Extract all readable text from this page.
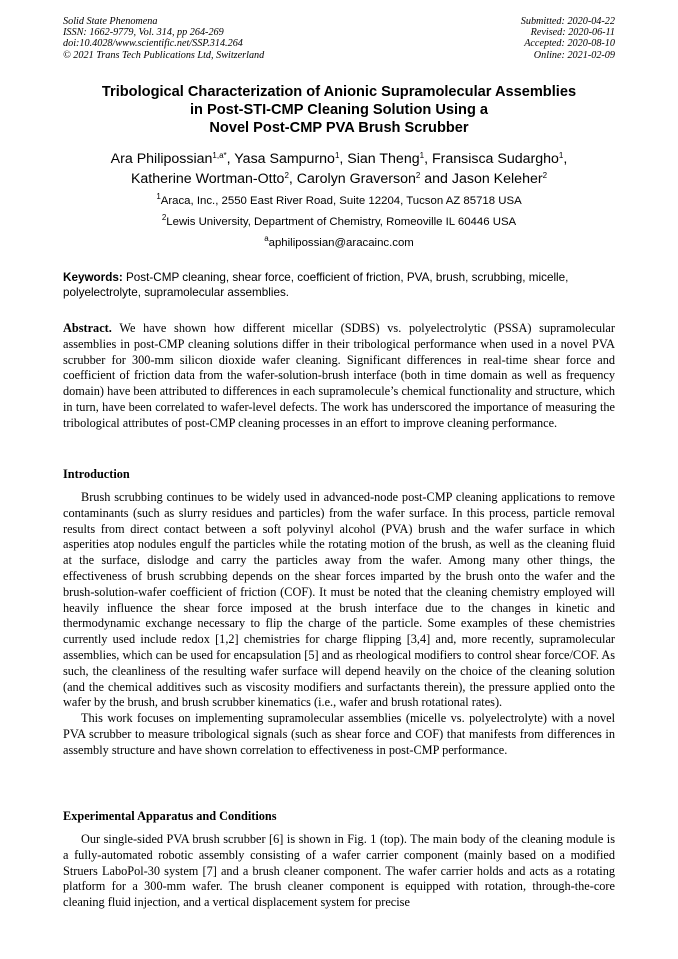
Solid State Phenomena
ISSN: 1662-9779, Vol. 314, pp 264-269
doi:10.4028/www.scientific.net/SSP.314.264
© 2021 Trans Tech Publications Ltd, Switzerland
Submitted: 2020-04-22
Revised: 2020-06-11
Accepted: 2020-08-10
Online: 2021-02-09
Tribological Characterization of Anionic Supramolecular Assemblies
in Post-STI-CMP Cleaning Solution Using a
Novel Post-CMP PVA Brush Scrubber
Ara Philipossian$^{1,a*}$, Yasa Sampurno$^1$, Sian Theng$^1$, Fransisca Sudargho$^1$,
Katherine Wortman-Otto$^2$, Carolyn Graverson$^2$ and Jason Keleher$^2$
$^1$Araca, Inc., 2550 East River Road, Suite 12204, Tucson AZ 85718 USA
$^2$Lewis University, Department of Chemistry, Romeoville IL 60446 USA
$^a$aphilipossian@aracainc.com
Keywords: Post-CMP cleaning, shear force, coefficient of friction, PVA, brush, scrubbing, micelle, polyelectrolyte, supramolecular assemblies.
Abstract. We have shown how different micellar (SDBS) vs. polyelectrolytic (PSSA) supramolecular assemblies in post-CMP cleaning solutions differ in their tribological performance when used in a novel PVA scrubber for 300-mm silicon dioxide wafer cleaning. Significant differences in real-time shear force and coefficient of friction data from the wafer-solution-brush interface (both in time domain as well as frequency domain) have been attributed to differences in each supramolecule’s chemical functionality and structure, which in turn, have been correlated to wafer-level defects. The work has underscored the importance of measuring the tribological attributes of post-CMP cleaning processes in an effort to improve cleaning performance.
Introduction

Brush scrubbing continues to be widely used in advanced-node post-CMP cleaning applications to remove contaminants (such as slurry residues and particles) from the wafer surface. In this process, particle removal results from direct contact between a soft polyvinyl alcohol (PVA) brush and the wafer surface in which asperities atop nodules engulf the particles while the rotating motion of the brush, as well as the cleaning fluid at the surface, dislodge and carry the particles away from the wafer. Among many other things, the effectiveness of brush scrubbing depends on the shear forces imparted by the brush onto the wafer and the brush-solution-wafer coefficient of friction (COF). It must be noted that the cleaning chemistry employed will heavily influence the shear force imposed at the brush interface due to the changes in kinetic and thermodynamic exchange necessary to flip the charge of the particle. Some examples of these chemistries currently used include redox [1,2] chemistries for charge flipping [3,4] and, more recently, supramolecular assemblies, which can be used for encapsulation [5] and as rheological modifiers to control shear force/COF. As such, the cleanliness of the resulting wafer surface will depend heavily on the choice of the cleaning solution (and the chemical additives such as viscosity modifiers and surfactants therein), the pressure applied onto the wafer by the brush, and brush scrubber kinematics (i.e., wafer and brush rotational rates).

This work focuses on implementing supramolecular assemblies (micelle vs. polyelectrolyte) with a novel PVA scrubber to measure tribological signals (such as shear force and COF) that manifests from differences in assembly structure and have shown correlation to effectiveness in post-CMP performance.

Experimental Apparatus and Conditions

Our single-sided PVA brush scrubber [6] is shown in Fig. 1 (top). The main body of the cleaning module is a fully-automated robotic assembly consisting of a wafer carrier component (mainly based on a modified Struers LaboPol-30 system [7] and a brush cleaner component. The wafer carrier holds and acts as a rotating platform for a 300-mm wafer. The brush cleaner component is equipped with rotation, through-the-core cleaning fluid injection, and a vertical displacement system for precise
